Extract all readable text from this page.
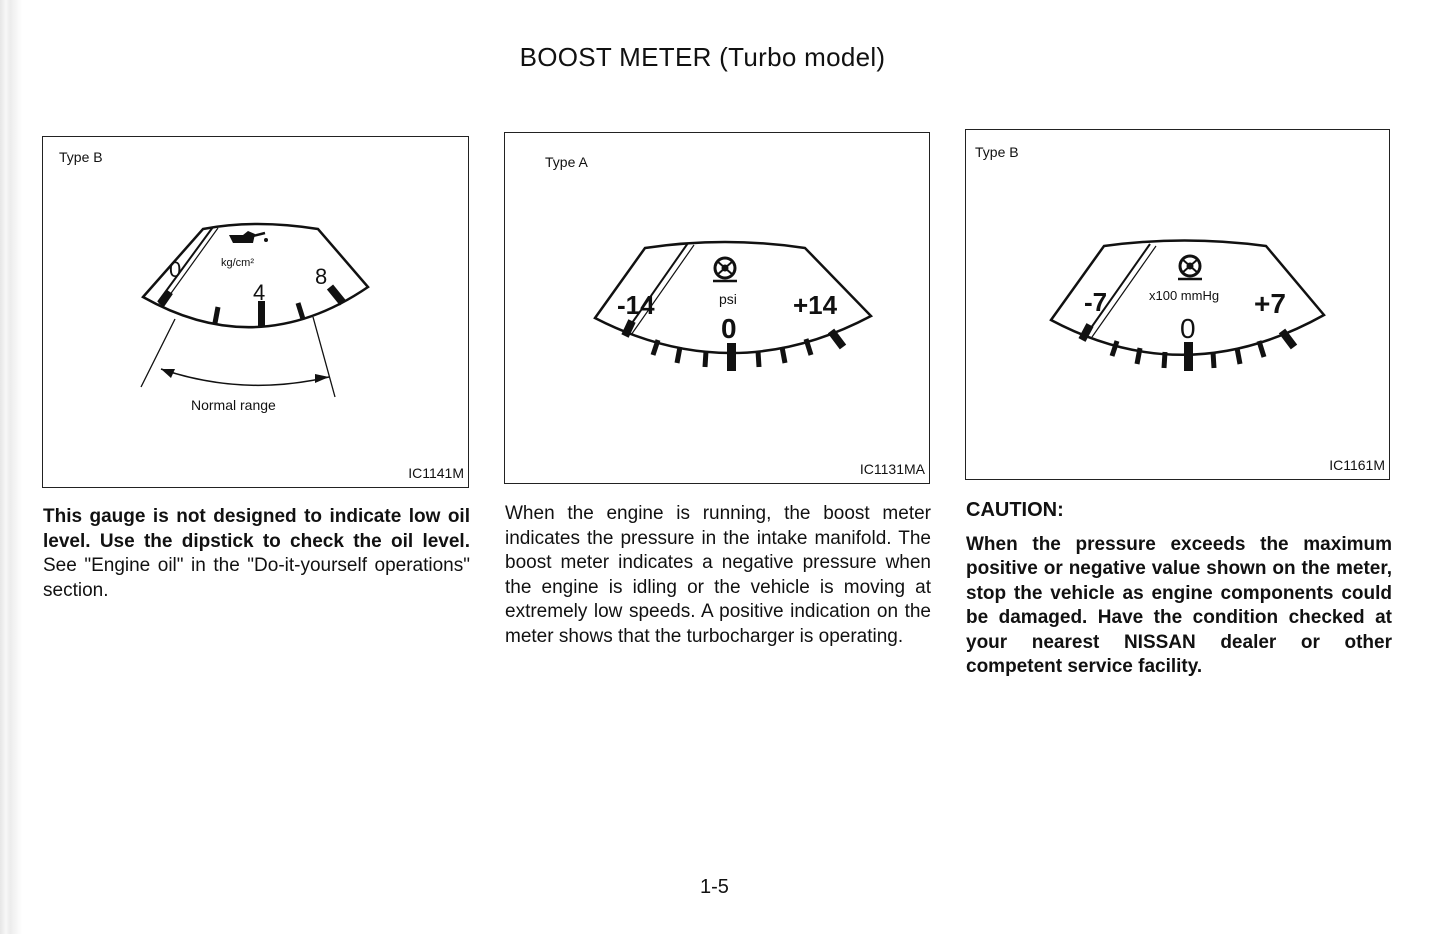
BOOST METER (Turbo model)
Type B
kg/cm²
0
4
8
Normal range
IC1141M
Type A
psi
-14
0
+14
IC1131MA
Type B
x100 mmHg
-7
0
+7
IC1161M
This gauge is not designed to indicate low oil level. Use the dipstick to check the oil level. See "Engine oil" in the "Do-it-yourself operations" section.
When the engine is running, the boost meter indicates the pressure in the intake manifold. The boost meter indicates a negative pressure when the engine is idling or the vehicle is moving at extremely low speeds. A positive indication on the meter shows that the turbocharger is operating.
CAUTION:
When the pressure exceeds the maximum positive or negative value shown on the meter, stop the vehicle as engine components could be damaged. Have the condition checked at your nearest NISSAN dealer or other competent service facility.
1-5
